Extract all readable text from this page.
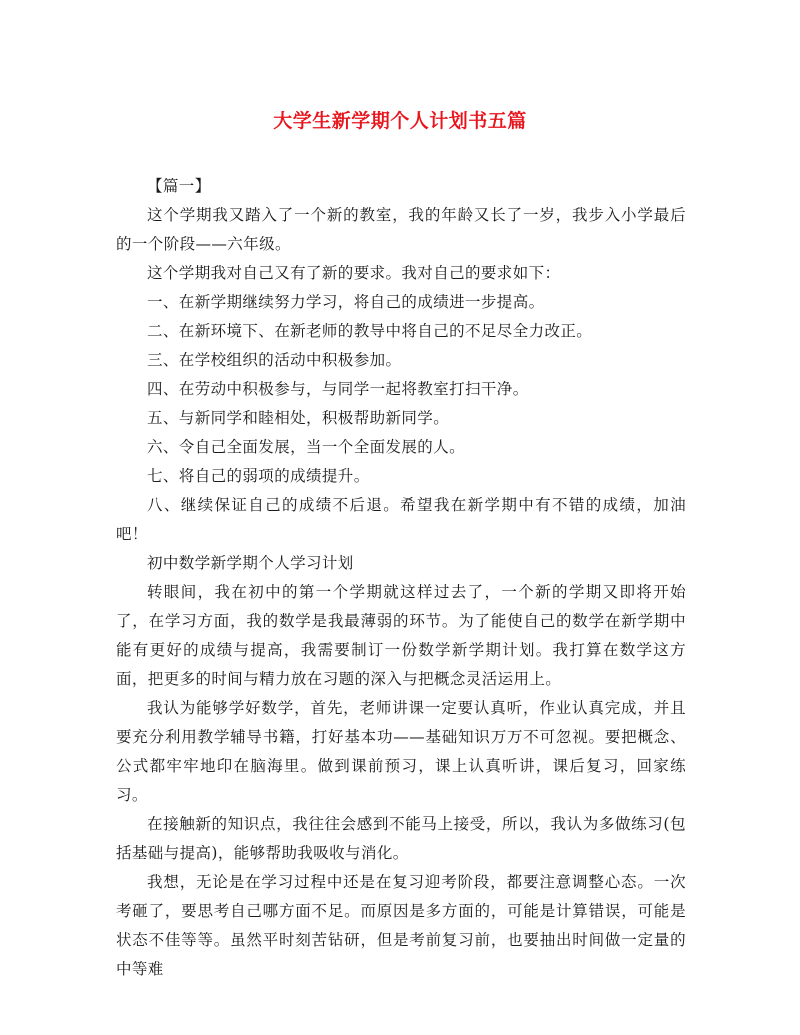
大学生新学期个人计划书五篇

【篇一】

这个学期我又踏入了一个新的教室，我的年龄又长了一岁，我步入小学最后的一个阶段——六年级。

这个学期我对自己又有了新的要求。我对自己的要求如下：

一、在新学期继续努力学习，将自己的成绩进一步提高。

二、在新环境下、在新老师的教导中将自己的不足尽全力改正。

三、在学校组织的活动中积极参加。

四、在劳动中积极参与，与同学一起将教室打扫干净。

五、与新同学和睦相处，积极帮助新同学。

六、令自己全面发展，当一个全面发展的人。

七、将自己的弱项的成绩提升。

八、继续保证自己的成绩不后退。希望我在新学期中有不错的成绩，加油吧！

初中数学新学期个人学习计划

转眼间，我在初中的第一个学期就这样过去了，一个新的学期又即将开始了，在学习方面，我的数学是我最薄弱的环节。为了能使自己的数学在新学期中能有更好的成绩与提高，我需要制订一份数学新学期计划。我打算在数学这方面，把更多的时间与精力放在习题的深入与把概念灵活运用上。

我认为能够学好数学，首先，老师讲课一定要认真听，作业认真完成，并且要充分利用教学辅导书籍，打好基本功——基础知识万万不可忽视。要把概念、公式都牢牢地印在脑海里。做到课前预习，课上认真听讲，课后复习，回家练习。

在接触新的知识点，我往往会感到不能马上接受，所以，我认为多做练习(包括基础与提高)，能够帮助我吸收与消化。

我想，无论是在学习过程中还是在复习迎考阶段，都要注意调整心态。一次考砸了，要思考自己哪方面不足。而原因是多方面的，可能是计算错误，可能是状态不佳等等。虽然平时刻苦钻研，但是考前复习前，也要抽出时间做一定量的中等难
